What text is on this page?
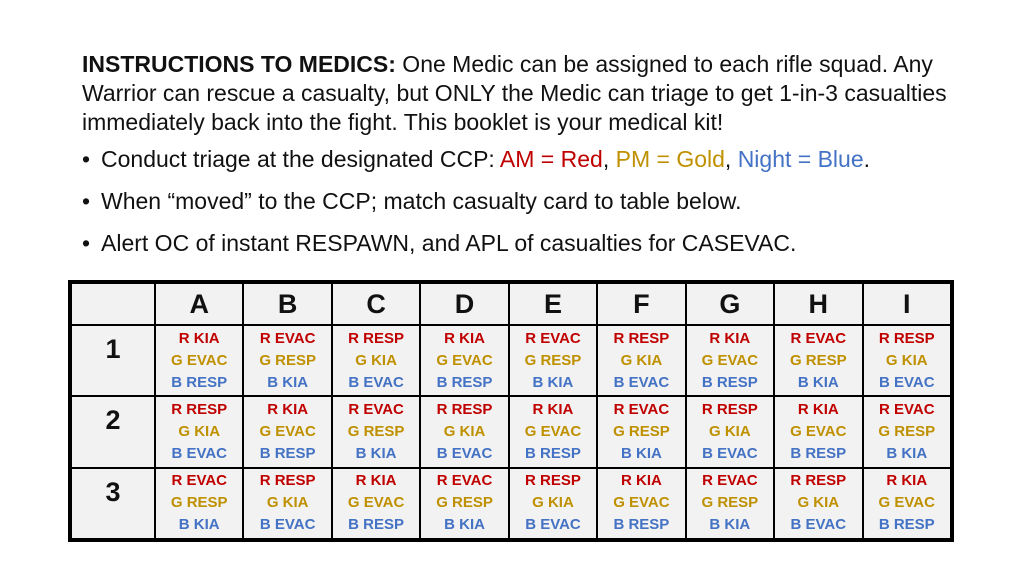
INSTRUCTIONS TO MEDICS: One Medic can be assigned to each rifle squad. Any Warrior can rescue a casualty, but ONLY the Medic can triage to get 1-in-3 casualties immediately back into the fight. This booklet is your medical kit!

• Conduct triage at the designated CCP: AM = Red, PM = Gold, Night = Blue.
• When “moved” to the CCP; match casualty card to table below.
• Alert OC of instant RESPAWN, and APL of casualties for CASEVAC.
	A	B	C	D	E	F	G	H	I
1	R KIA
G EVAC
B RESP	R EVAC
G RESP
B KIA	R RESP
G KIA
B EVAC	R KIA
G EVAC
B RESP	R EVAC
G RESP
B KIA	R RESP
G KIA
B EVAC	R KIA
G EVAC
B RESP	R EVAC
G RESP
B KIA	R RESP
G KIA
B EVAC

2	R RESP
G KIA
B EVAC	R KIA
G EVAC
B RESP	R EVAC
G RESP
B KIA	R RESP
G KIA
B EVAC	R KIA
G EVAC
B RESP	R EVAC
G RESP
B KIA	R RESP
G KIA
B EVAC	R KIA
G EVAC
B RESP	R EVAC
G RESP
B KIA

3	R EVAC
G RESP
B KIA	R RESP
G KIA
B EVAC	R KIA
G EVAC
B RESP	R EVAC
G RESP
B KIA	R RESP
G KIA
B EVAC	R KIA
G EVAC
B RESP	R EVAC
G RESP
B KIA	R RESP
G KIA
B EVAC	R KIA
G EVAC
B RESP
